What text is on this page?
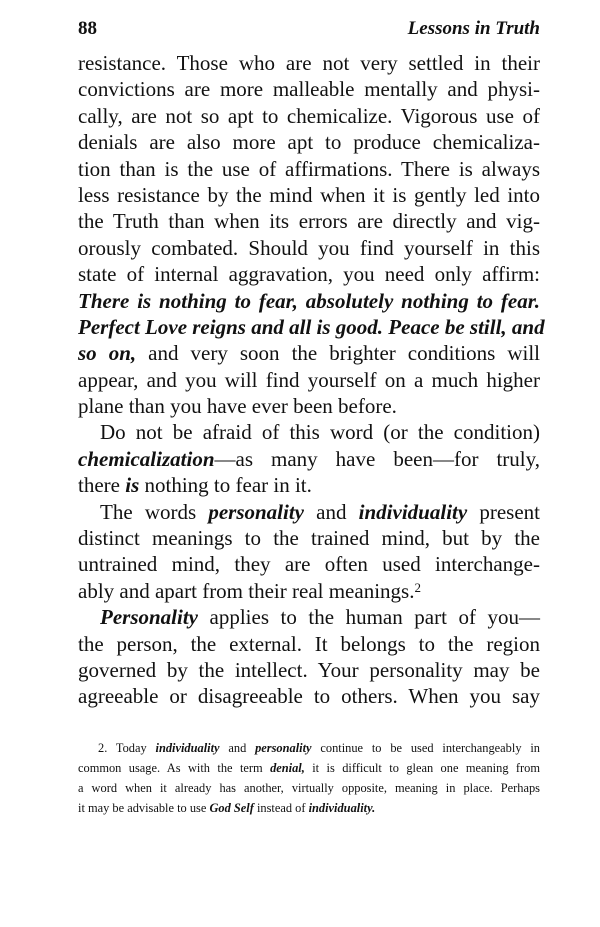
88	Lessons in Truth
resistance. Those who are not very settled in their
convictions are more malleable mentally and physi-
cally, are not so apt to chemicalize. Vigorous use of
denials are also more apt to produce chemicaliza-
tion than is the use of affirmations. There is always
less resistance by the mind when it is gently led into
the Truth than when its errors are directly and vig-
orously combated. Should you find yourself in this
state of internal aggravation, you need only affirm:
There is nothing to fear, absolutely nothing to fear.
Perfect Love reigns and all is good. Peace be still, and
so on, and very soon the brighter conditions will
appear, and you will find yourself on a much higher
plane than you have ever been before.
Do not be afraid of this word (or the condition)
chemicalization—as many have been—for truly,
there is nothing to fear in it.
The words personality and individuality present
distinct meanings to the trained mind, but by the
untrained mind, they are often used interchange-
ably and apart from their real meanings.$^2$
Personality applies to the human part of you—
the person, the external. It belongs to the region
governed by the intellect. Your personality may be
agreeable or disagreeable to others. When you say
2. Today individuality and personality continue to be used interchangeably in
common usage. As with the term denial, it is difficult to glean one meaning from
a word when it already has another, virtually opposite, meaning in place. Perhaps
it may be advisable to use God Self instead of individuality.
